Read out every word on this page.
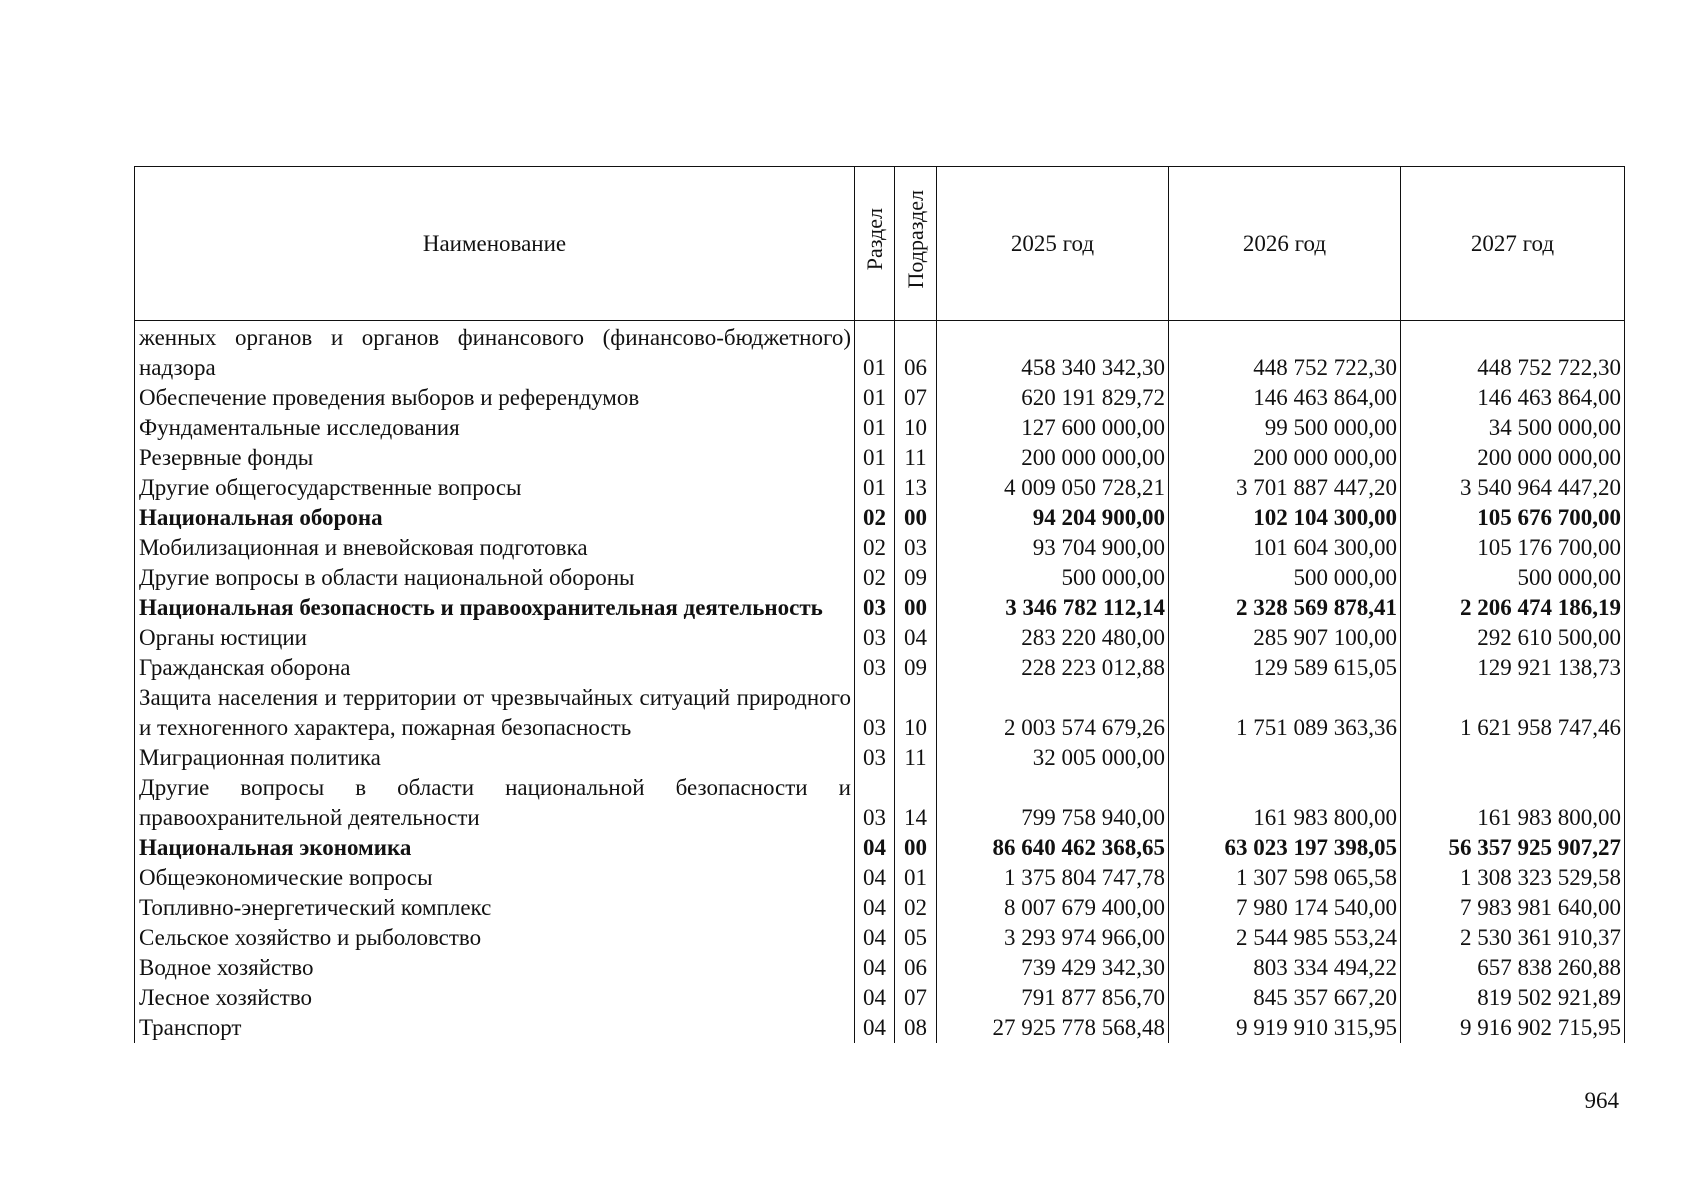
Наименование	Раздел	Подраздел	2025 год	2026 год	2027 год
женных органов и органов финансового (финансово-бюджетного) надзора	01	06	458 340 342,30	448 752 722,30	448 752 722,30
Обеспечение проведения выборов и референдумов	01	07	620 191 829,72	146 463 864,00	146 463 864,00
Фундаментальные исследования	01	10	127 600 000,00	99 500 000,00	34 500 000,00
Резервные фонды	01	11	200 000 000,00	200 000 000,00	200 000 000,00
Другие общегосударственные вопросы	01	13	4 009 050 728,21	3 701 887 447,20	3 540 964 447,20
Национальная оборона	02	00	94 204 900,00	102 104 300,00	105 676 700,00
Мобилизационная и вневойсковая подготовка	02	03	93 704 900,00	101 604 300,00	105 176 700,00
Другие вопросы в области национальной обороны	02	09	500 000,00	500 000,00	500 000,00
Национальная безопасность и правоохранительная деятельность	03	00	3 346 782 112,14	2 328 569 878,41	2 206 474 186,19
Органы юстиции	03	04	283 220 480,00	285 907 100,00	292 610 500,00
Гражданская оборона	03	09	228 223 012,88	129 589 615,05	129 921 138,73
Защита населения и территории от чрезвычайных ситуаций природного и техногенного характера, пожарная безопасность	03	10	2 003 574 679,26	1 751 089 363,36	1 621 958 747,46
Миграционная политика	03	11	32 005 000,00		
Другие вопросы в области национальной безопасности и правоохранительной деятельности	03	14	799 758 940,00	161 983 800,00	161 983 800,00
Национальная экономика	04	00	86 640 462 368,65	63 023 197 398,05	56 357 925 907,27
Общеэкономические вопросы	04	01	1 375 804 747,78	1 307 598 065,58	1 308 323 529,58
Топливно-энергетический комплекс	04	02	8 007 679 400,00	7 980 174 540,00	7 983 981 640,00
Сельское хозяйство и рыболовство	04	05	3 293 974 966,00	2 544 985 553,24	2 530 361 910,37
Водное хозяйство	04	06	739 429 342,30	803 334 494,22	657 838 260,88
Лесное хозяйство	04	07	791 877 856,70	845 357 667,20	819 502 921,89
Транспорт	04	08	27 925 778 568,48	9 919 910 315,95	9 916 902 715,95
964
